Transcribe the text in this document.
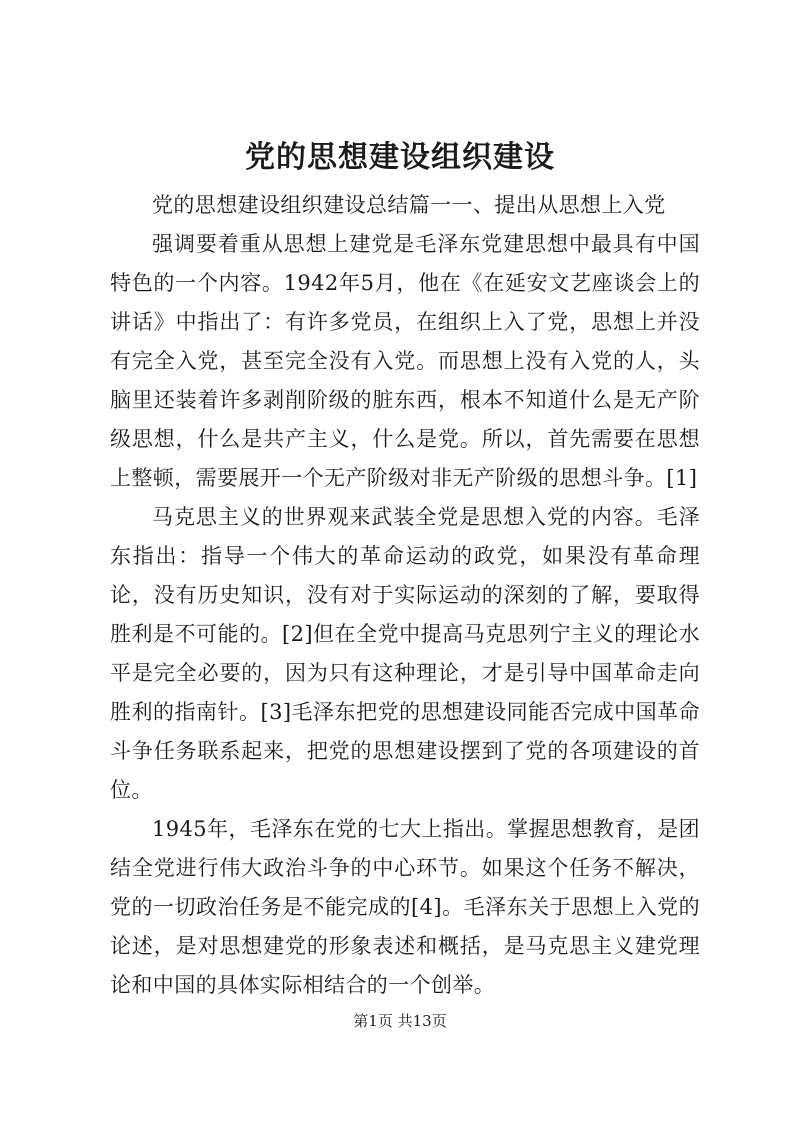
党的思想建设组织建设

党的思想建设组织建设总结篇一一、提出从思想上入党

强调要着重从思想上建党是毛泽东党建思想中最具有中国特色的一个内容。1942年5月，他在《在延安文艺座谈会上的讲话》中指出了：有许多党员，在组织上入了党，思想上并没有完全入党，甚至完全没有入党。而思想上没有入党的人，头脑里还装着许多剥削阶级的脏东西，根本不知道什么是无产阶级思想，什么是共产主义，什么是党。所以，首先需要在思想上整顿，需要展开一个无产阶级对非无产阶级的思想斗争。[1]

马克思主义的世界观来武装全党是思想入党的内容。毛泽东指出：指导一个伟大的革命运动的政党，如果没有革命理论，没有历史知识，没有对于实际运动的深刻的了解，要取得胜利是不可能的。[2]但在全党中提高马克思列宁主义的理论水平是完全必要的，因为只有这种理论，才是引导中国革命走向胜利的指南针。[3]毛泽东把党的思想建设同能否完成中国革命斗争任务联系起来，把党的思想建设摆到了党的各项建设的首位。

1945年，毛泽东在党的七大上指出。掌握思想教育，是团结全党进行伟大政治斗争的中心环节。如果这个任务不解决，党的一切政治任务是不能完成的[4]。毛泽东关于思想上入党的论述，是对思想建党的形象表述和概括，是马克思主义建党理论和中国的具体实际相结合的一个创举。

第1页 共13页
